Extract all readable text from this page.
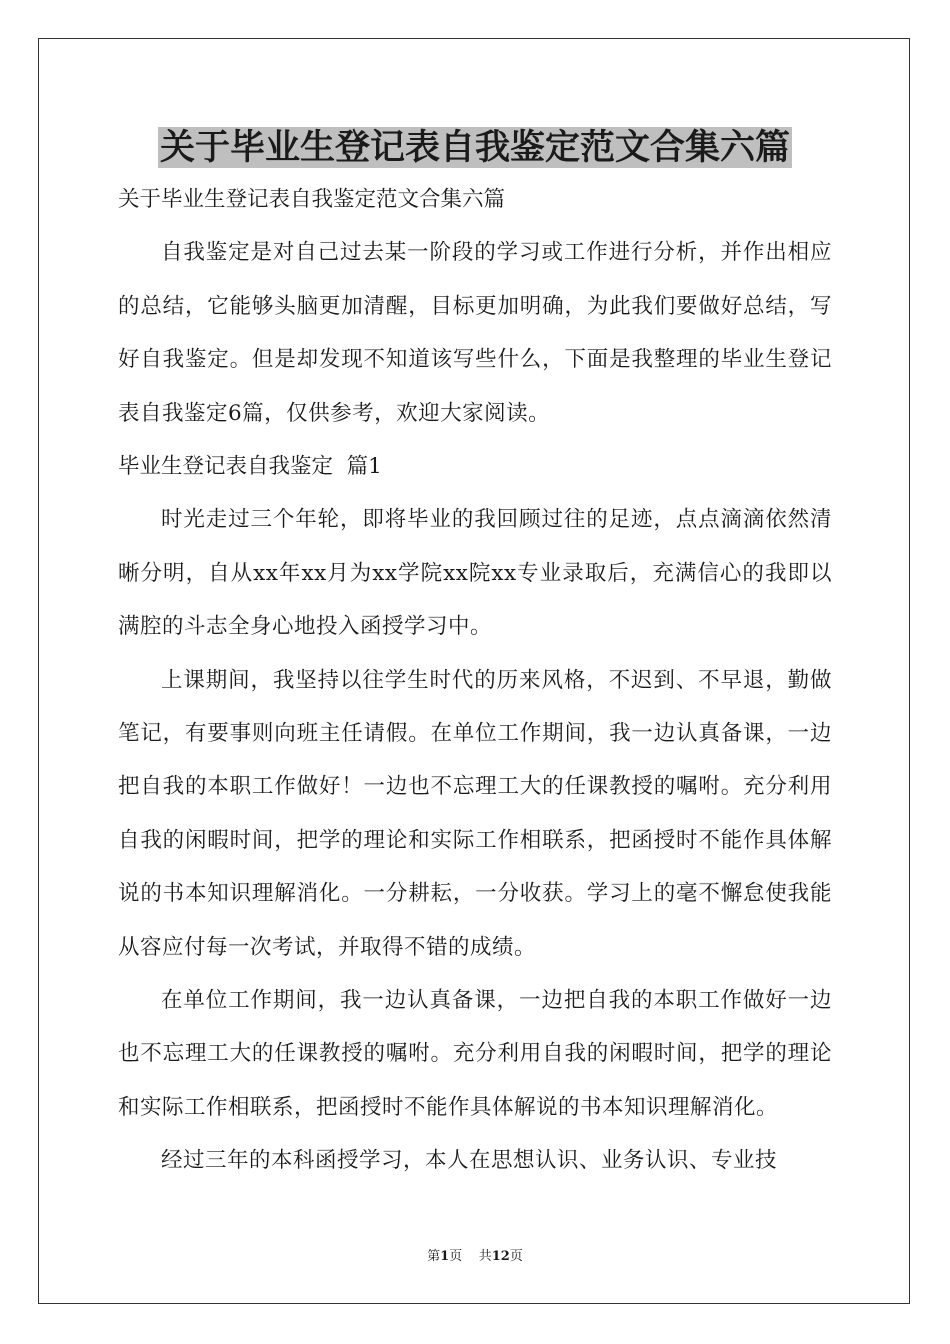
关于毕业生登记表自我鉴定范文合集六篇

关于毕业生登记表自我鉴定范文合集六篇

自我鉴定是对自己过去某一阶段的学习或工作进行分析，并作出相应的总结，它能够头脑更加清醒，目标更加明确，为此我们要做好总结，写好自我鉴定。但是却发现不知道该写些什么，下面是我整理的毕业生登记表自我鉴定6篇，仅供参考，欢迎大家阅读。

毕业生登记表自我鉴定  篇1

时光走过三个年轮，即将毕业的我回顾过往的足迹，点点滴滴依然清晰分明，自从xx年xx月为xx学院xx院xx专业录取后，充满信心的我即以满腔的斗志全身心地投入函授学习中。

上课期间，我坚持以往学生时代的历来风格，不迟到、不早退，勤做笔记，有要事则向班主任请假。在单位工作期间，我一边认真备课，一边把自我的本职工作做好！一边也不忘理工大的任课教授的嘱咐。充分利用自我的闲暇时间，把学的理论和实际工作相联系，把函授时不能作具体解说的书本知识理解消化。一分耕耘，一分收获。学习上的毫不懈怠使我能从容应付每一次考试，并取得不错的成绩。

在单位工作期间，我一边认真备课，一边把自我的本职工作做好一边也不忘理工大的任课教授的嘱咐。充分利用自我的闲暇时间，把学的理论和实际工作相联系，把函授时不能作具体解说的书本知识理解消化。

经过三年的本科函授学习，本人在思想认识、业务认识、专业技

第1页    共12页
